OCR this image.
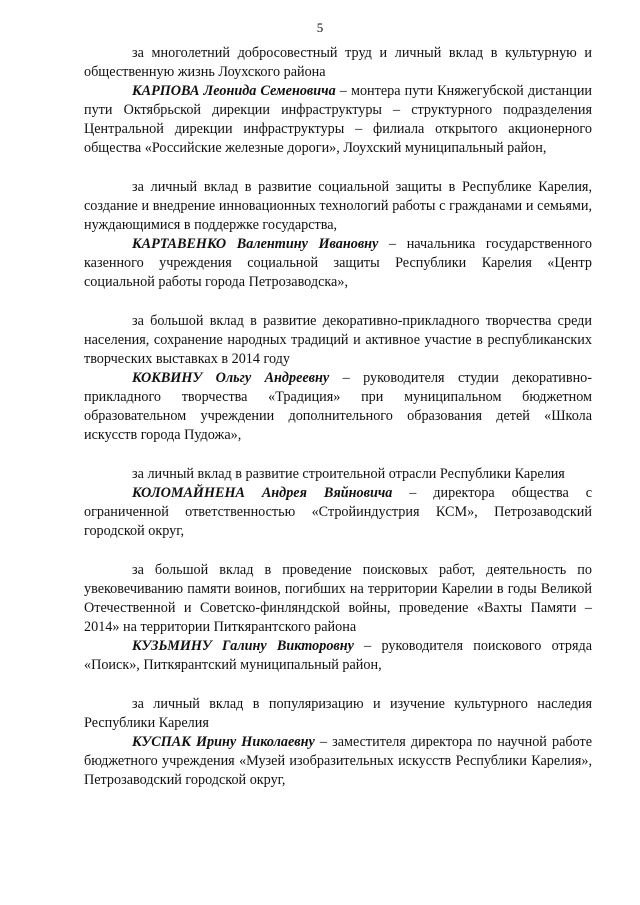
5

за многолетний добросовестный труд и личный вклад в культурную и общественную жизнь Лоухского района

КАРПОВА Леонида Семеновича – монтера пути Княжегубской дистанции пути Октябрьской дирекции инфраструктуры – структурного подразделения Центральной дирекции инфраструктуры – филиала открытого акционерного общества «Российские железные дороги», Лоухский муниципальный район,

за личный вклад в развитие социальной защиты в Республике Карелия, создание и внедрение инновационных технологий работы с гражданами и семьями, нуждающимися в поддержке государства,

КАРТАВЕНКО Валентину Ивановну – начальника государственного казенного учреждения социальной защиты Республики Карелия «Центр социальной работы города Петрозаводска»,

за большой вклад в развитие декоративно-прикладного творчества среди населения, сохранение народных традиций и активное участие в республиканских творческих выставках в 2014 году

КОКВИНУ Ольгу Андреевну – руководителя студии декоративно-прикладного творчества «Традиция» при муниципальном бюджетном образовательном учреждении дополнительного образования детей «Школа искусств города Пудожа»,

за личный вклад в развитие строительной отрасли Республики Карелия

КОЛОМАЙНЕНА Андрея Вяйновича – директора общества с ограниченной ответственностью «Стройиндустрия КСМ», Петрозаводский городской округ,

за большой вклад в проведение поисковых работ, деятельность по увековечиванию памяти воинов, погибших на территории Карелии в годы Великой Отечественной и Советско-финляндской войны, проведение «Вахты Памяти – 2014» на территории Питкярантского района

КУЗЬМИНУ Галину Викторовну – руководителя поискового отряда «Поиск», Питкярантский муниципальный район,

за личный вклад в популяризацию и изучение культурного наследия Республики Карелия

КУСПАК Ирину Николаевну – заместителя директора по научной работе бюджетного учреждения «Музей изобразительных искусств Республики Карелия», Петрозаводский городской округ,
